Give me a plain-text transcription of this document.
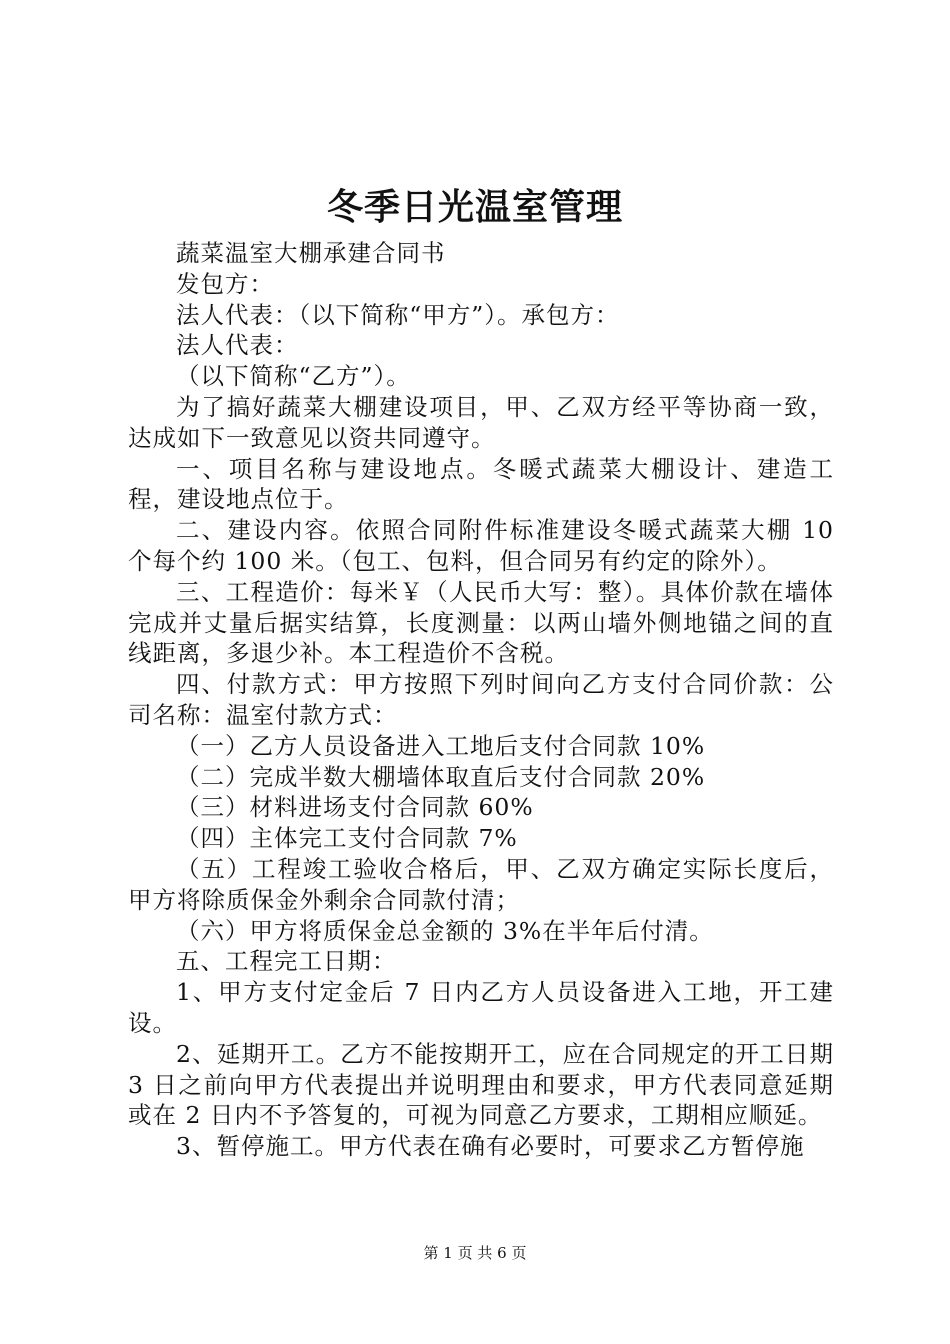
冬季日光温室管理

蔬菜温室大棚承建合同书

发包方：

法人代表：（以下简称“甲方”）。承包方：

法人代表：

（以下简称“乙方”）。

为了搞好蔬菜大棚建设项目，甲、乙双方经平等协商一致，达成如下一致意见以资共同遵守。

一、项目名称与建设地点。冬暖式蔬菜大棚设计、建造工程，建设地点位于。

二、建设内容。依照合同附件标准建设冬暖式蔬菜大棚 10 个每个约 100 米。（包工、包料，但合同另有约定的除外）。

三、工程造价：每米￥（人民币大写：整）。具体价款在墙体完成并丈量后据实结算，长度测量：以两山墙外侧地锚之间的直线距离，多退少补。本工程造价不含税。

四、付款方式：甲方按照下列时间向乙方支付合同价款：公司名称：温室付款方式：

（一）乙方人员设备进入工地后支付合同款 10%

（二）完成半数大棚墙体取直后支付合同款 20%

（三）材料进场支付合同款 60%

（四）主体完工支付合同款 7%

（五）工程竣工验收合格后，甲、乙双方确定实际长度后，甲方将除质保金外剩余合同款付清；

（六）甲方将质保金总金额的 3%在半年后付清。

五、工程完工日期：

1、甲方支付定金后 7 日内乙方人员设备进入工地，开工建设。

2、延期开工。乙方不能按期开工，应在合同规定的开工日期 3 日之前向甲方代表提出并说明理由和要求，甲方代表同意延期或在 2 日内不予答复的，可视为同意乙方要求，工期相应顺延。

3、暂停施工。甲方代表在确有必要时，可要求乙方暂停施

第 1 页 共 6 页
